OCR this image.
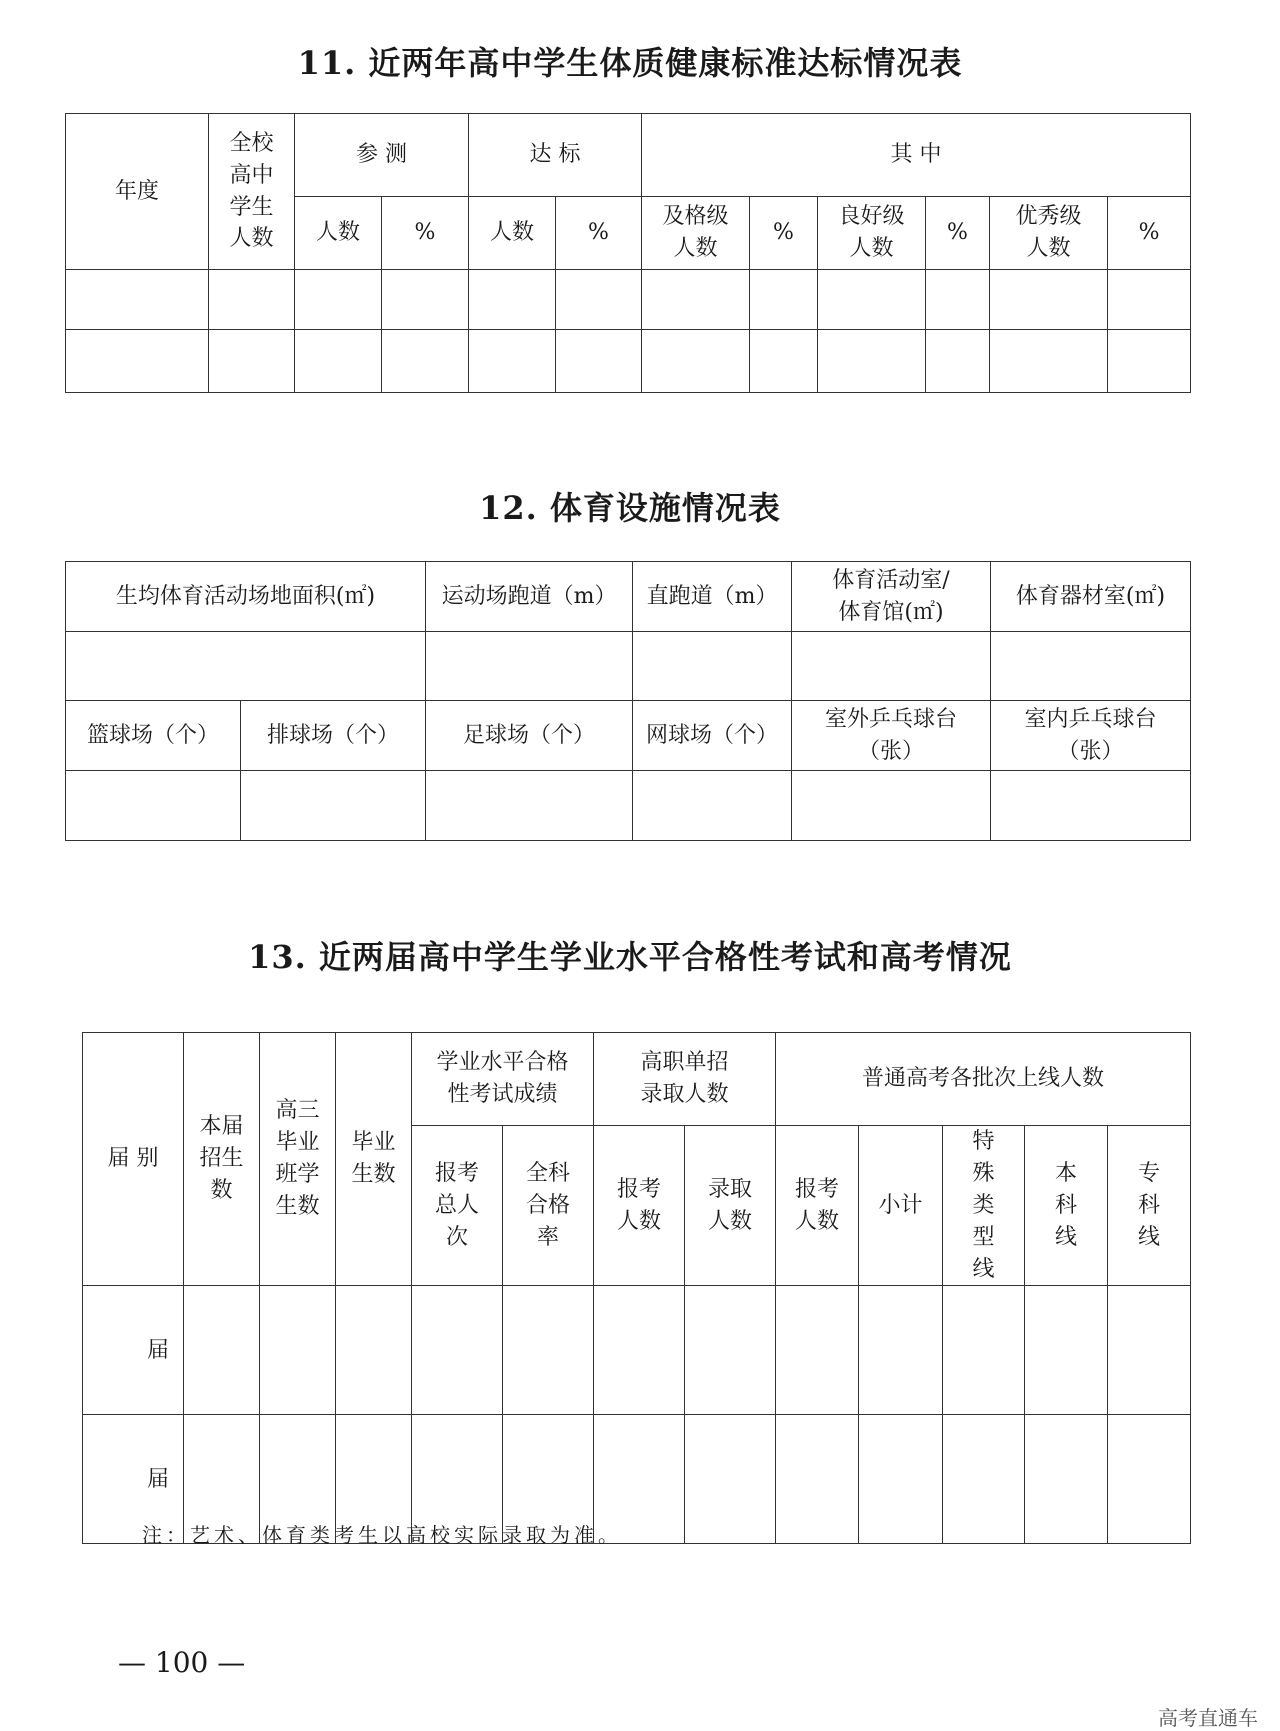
11. 近两年高中学生体质健康标准达标情况表
年度	全校高中学生人数	参 测		达 标		其 中					
		人数	%	人数	%	及格级人数	%	良好级人数	%	优秀级人数	%

12. 体育设施情况表
生均体育活动场地面积(㎡)		运动场跑道（m）	直跑道（m）	体育活动室/体育馆(㎡)	体育器材室(㎡)

篮球场（个）	排球场（个）	足球场（个）	网球场（个）	室外乒乓球台（张）	室内乒乓球台（张）

13. 近两届高中学生学业水平合格性考试和高考情况
届 别	本届招生数	高三毕业班学生数	毕业生数	学业水平合格性考试成绩		高职单招录取人数		普通高考各批次上线人数				
				报考总人次	全科合格率	报考人数	录取人数	报考人数	小计	特殊类型线	本科线	专科线
届												
届												
注：艺术、体育类考生以高校实际录取为准。
— 100 —
高考直通车
